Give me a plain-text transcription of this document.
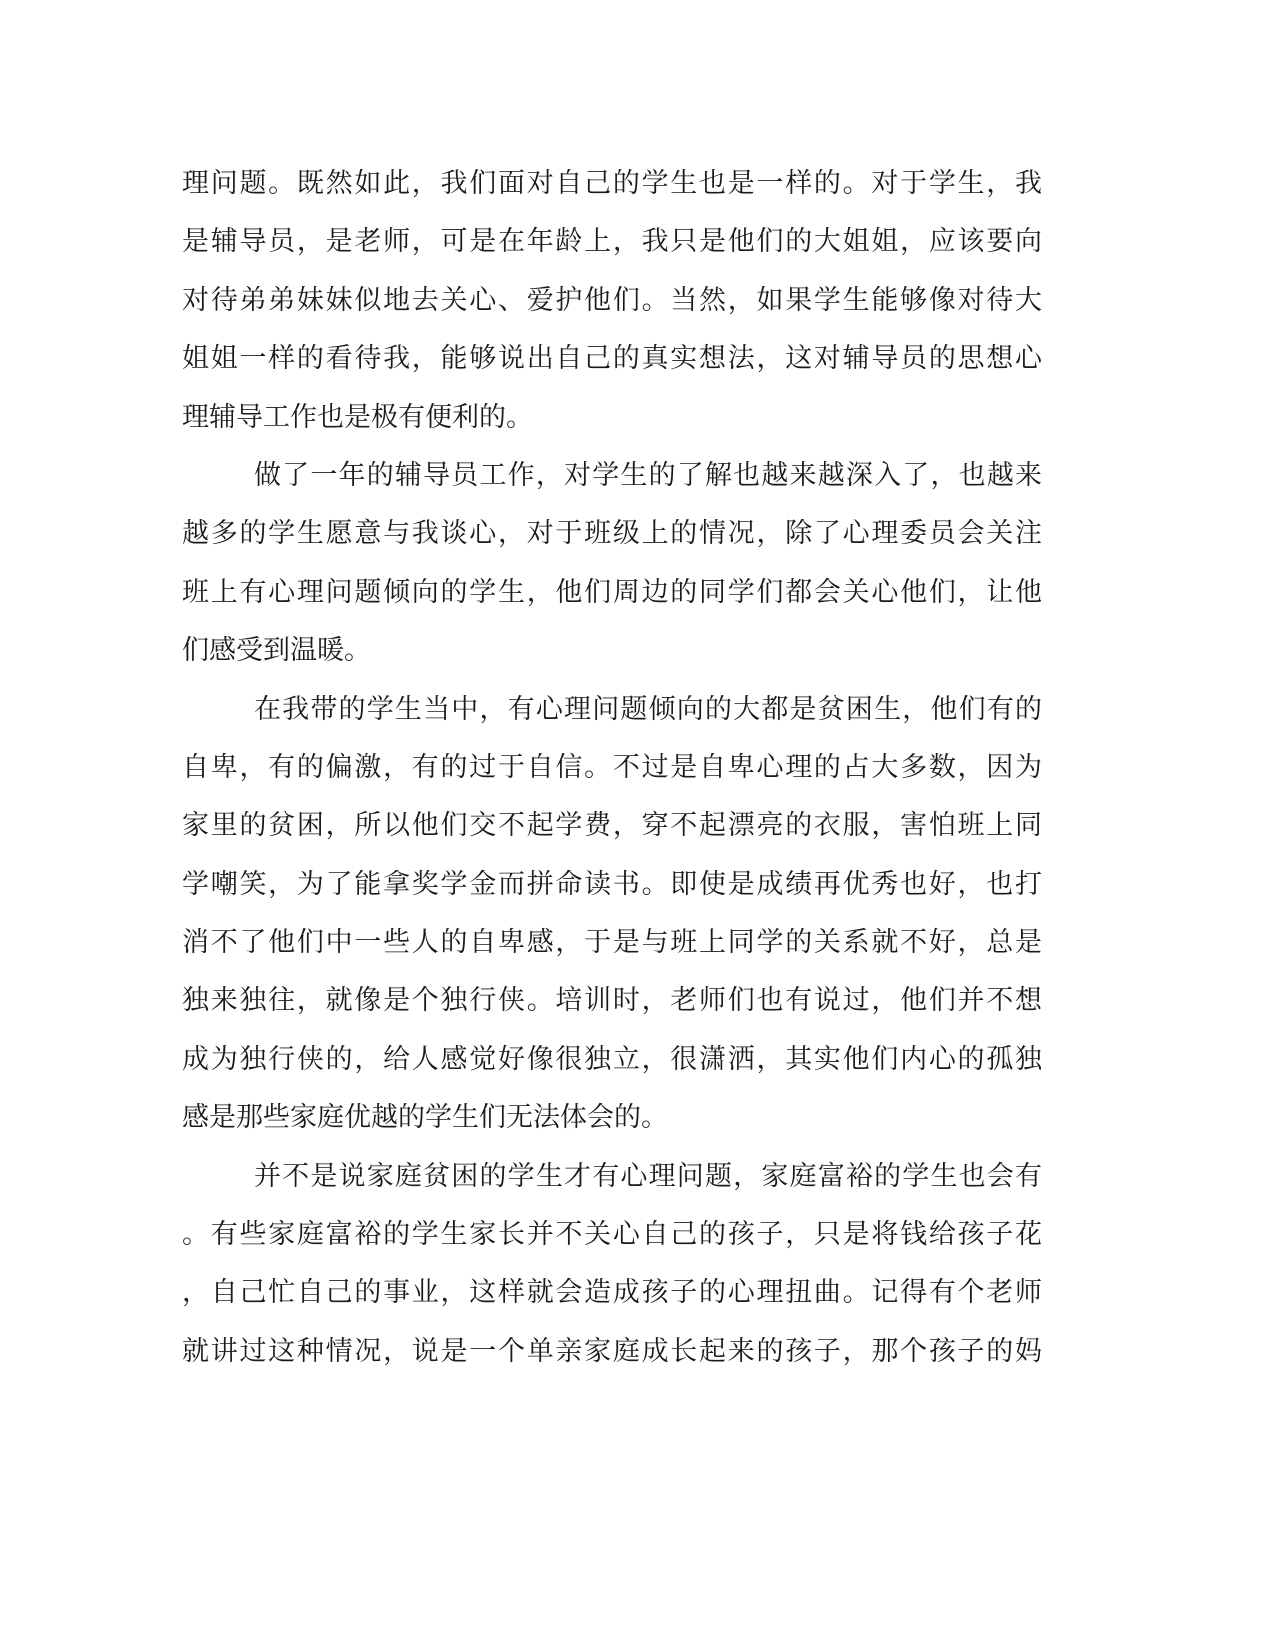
理问题。既然如此，我们面对自己的学生也是一样的。对于学生，我
是辅导员，是老师，可是在年龄上，我只是他们的大姐姐，应该要向
对待弟弟妹妹似地去关心、爱护他们。当然，如果学生能够像对待大
姐姐一样的看待我，能够说出自己的真实想法，这对辅导员的思想心
理辅导工作也是极有便利的。
做了一年的辅导员工作，对学生的了解也越来越深入了，也越来
越多的学生愿意与我谈心，对于班级上的情况，除了心理委员会关注
班上有心理问题倾向的学生，他们周边的同学们都会关心他们，让他
们感受到温暖。
在我带的学生当中，有心理问题倾向的大都是贫困生，他们有的
自卑，有的偏激，有的过于自信。不过是自卑心理的占大多数，因为
家里的贫困，所以他们交不起学费，穿不起漂亮的衣服，害怕班上同
学嘲笑，为了能拿奖学金而拼命读书。即使是成绩再优秀也好，也打
消不了他们中一些人的自卑感，于是与班上同学的关系就不好，总是
独来独往，就像是个独行侠。培训时，老师们也有说过，他们并不想
成为独行侠的，给人感觉好像很独立，很潇洒，其实他们内心的孤独
感是那些家庭优越的学生们无法体会的。
并不是说家庭贫困的学生才有心理问题，家庭富裕的学生也会有
。有些家庭富裕的学生家长并不关心自己的孩子，只是将钱给孩子花
，自己忙自己的事业，这样就会造成孩子的心理扭曲。记得有个老师
就讲过这种情况，说是一个单亲家庭成长起来的孩子，那个孩子的妈
